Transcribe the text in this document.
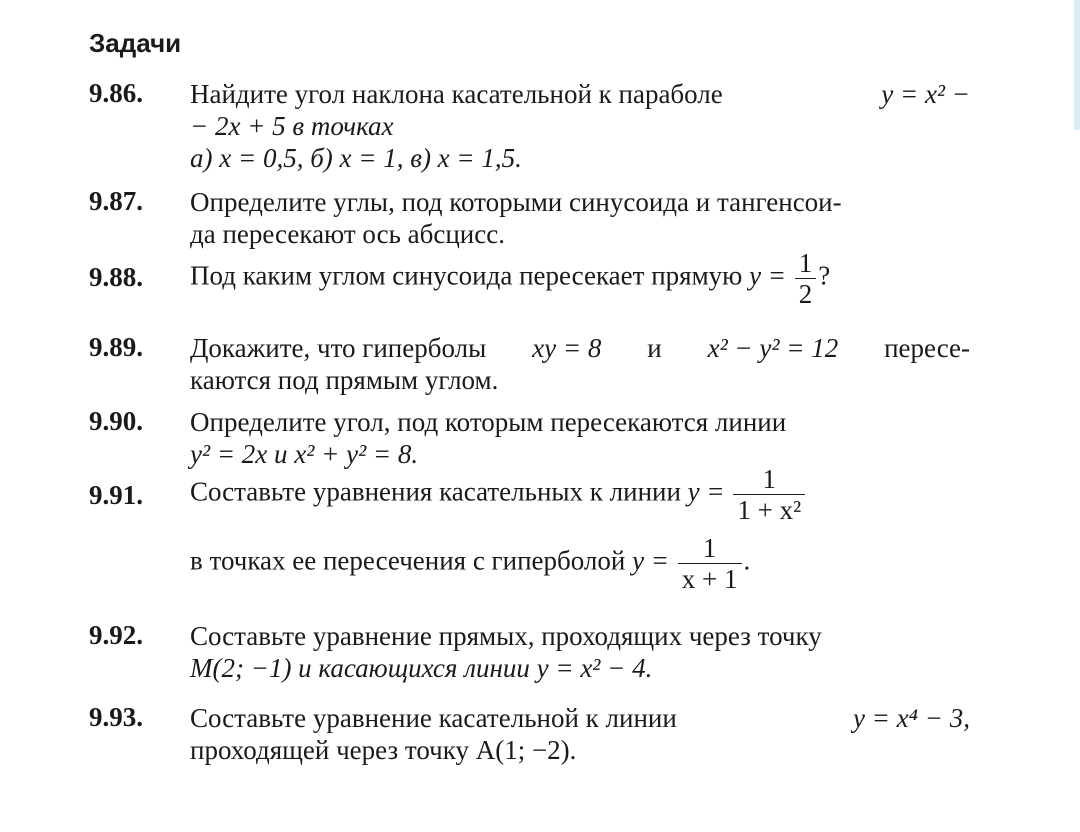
Задачи
9.86. Найдите угол наклона касательной к параболе	y = x² −
− 2x + 5 в точках
а) x = 0,5, б) x = 1, в) x = 1,5.
9.87. Определите углы, под которыми синусоида и тангенсои-
да пересекают ось абсцисс.
9.88. Под каким углом синусоида пересекает прямую $y = \frac{1}{2}$ ?
9.89. Докажите, что гиперболы xy = 8 и x² − y² = 12 пересе-
каются под прямым углом.
9.90. Определите угол, под которым пересекаются линии
y² = 2x и x² + y² = 8.
9.91. Составьте уравнения касательных к линии $y = \frac{1}{\text{1 + x²}}$
в точках ее пересечения с гиперболой $y = \frac{1}{x + 1}$ .
9.92. Составьте уравнение прямых, проходящих через точку
M(2; −1) и касающихся линии y = x² − 4.
9.93. Составьте уравнение касательной к линии	y = x⁴ − 3,
проходящей через точку A(1; −2).
